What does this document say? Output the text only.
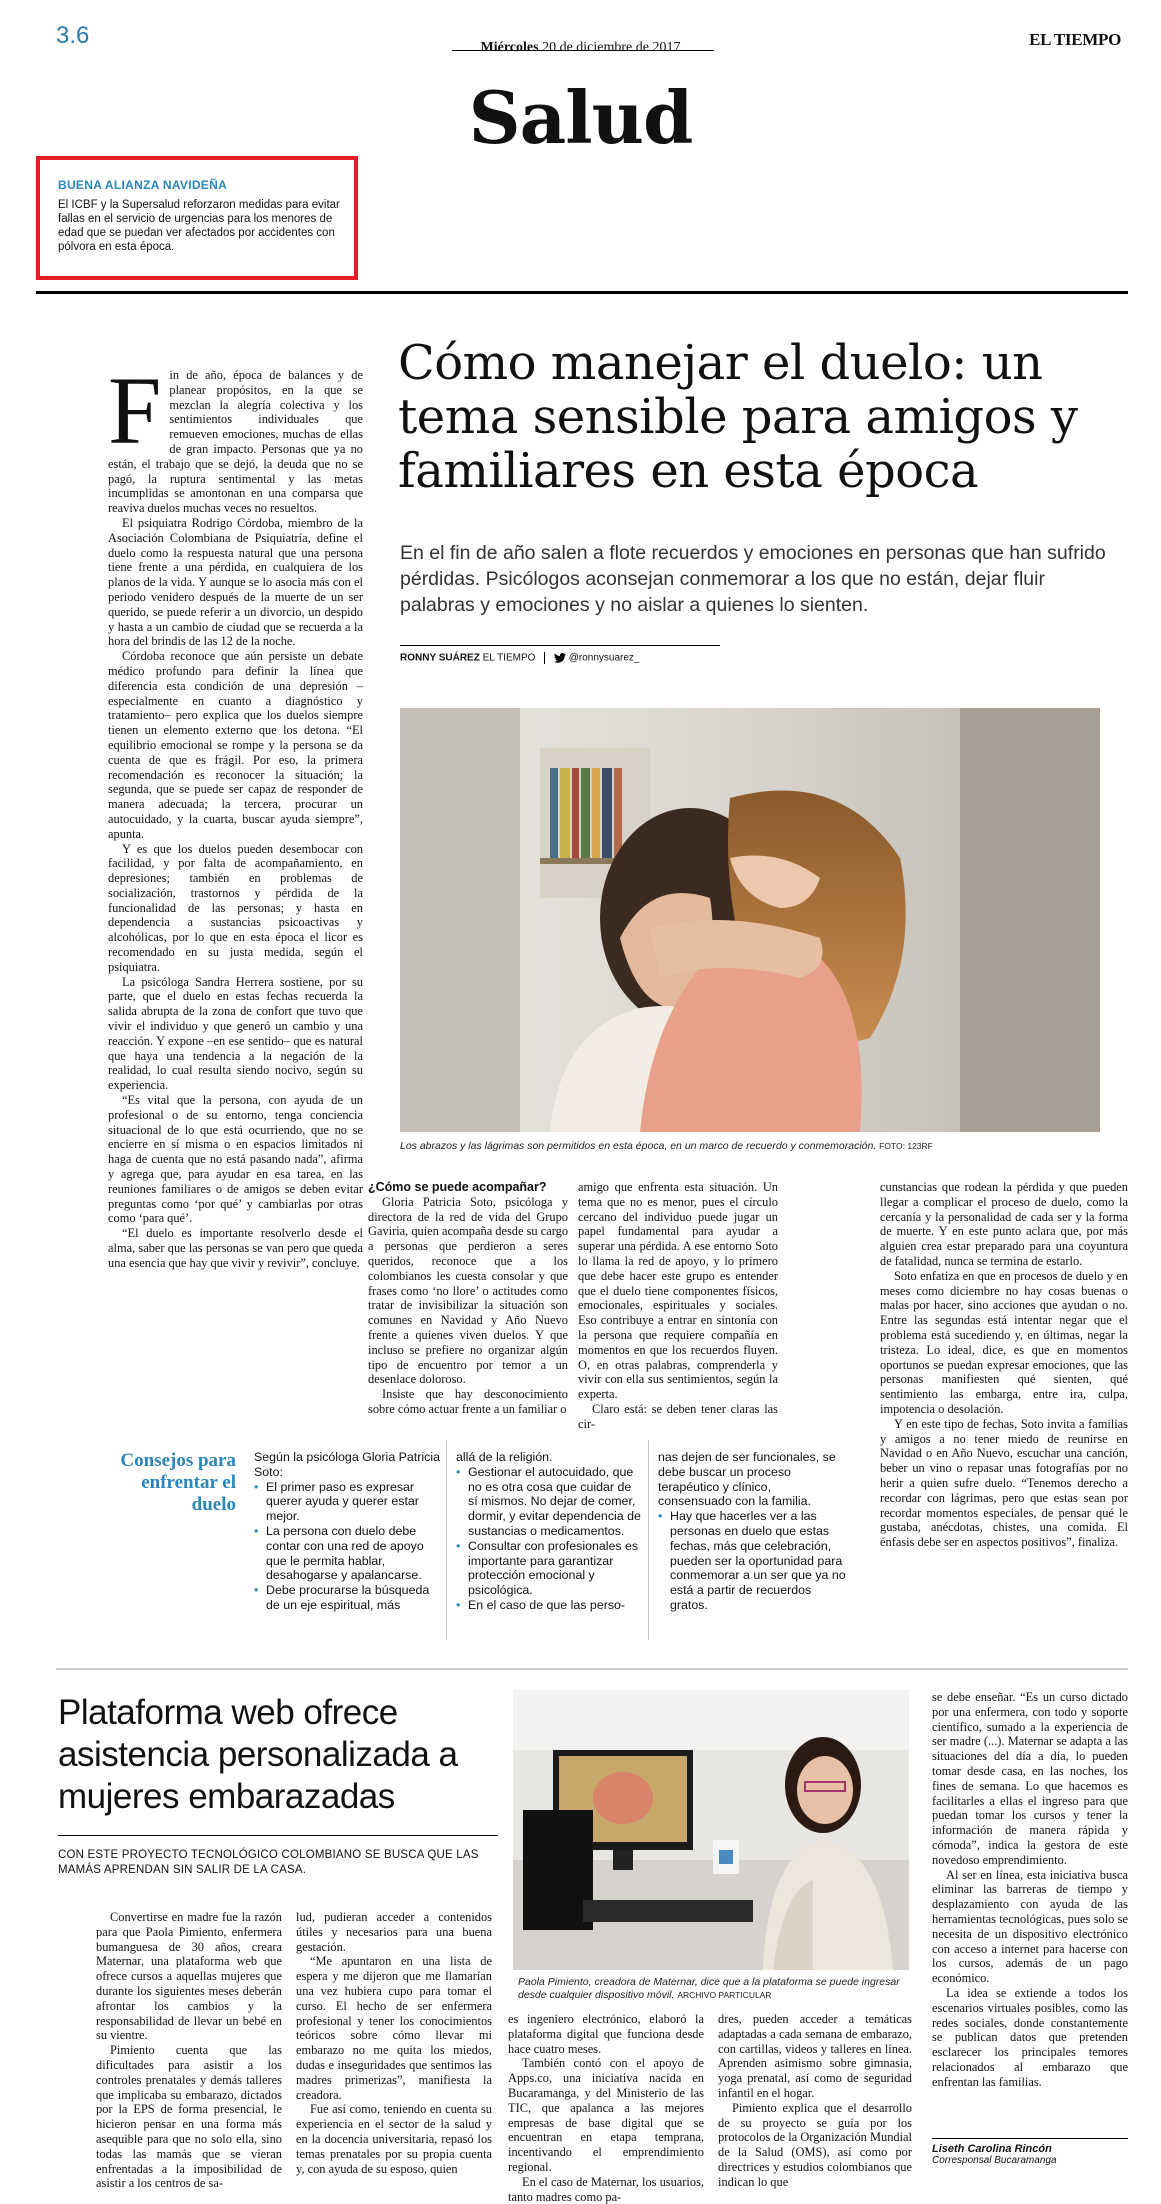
3.6	Miércoles 20 de diciembre de 2017	EL TIEMPO
Salud
BUENA ALIANZA NAVIDEÑA
El ICBF y la Supersalud reforzaron medidas para evitar fallas en el servicio de urgencias para los menores de edad que se puedan ver afectados por accidentes con pólvora en esta época.
Cómo manejar el duelo: un tema sensible para amigos y familiares en esta época
En el fin de año salen a flote recuerdos y emociones en personas que han sufrido pérdidas. Psicólogos aconsejan conmemorar a los que no están, dejar fluir palabras y emociones y no aislar a quienes lo sienten.
RONNY SUÁREZ EL TIEMPO	@ronnysuarez_
Los abrazos y las lágrimas son permitidos en esta época, en un marco de recuerdo y conmemoración. FOTO: 123RF

Fin de año, época de balances y de planear propósitos, en la que se mezclan la alegría colectiva y los sentimientos individuales que remueven emociones, muchas de ellas de gran impacto. Personas que ya no están, el trabajo que se dejó, la deuda que no se pagó, la ruptura sentimental y las metas incumplidas se amontonan en una comparsa que reaviva duelos muchas veces no resueltos.

El psiquiatra Rodrigo Córdoba, miembro de la Asociación Colombiana de Psiquiatría, define el duelo como la respuesta natural que una persona tiene frente a una pérdida, en cualquiera de los planos de la vida. Y aunque se lo asocia más con el periodo venidero después de la muerte de un ser querido, se puede referir a un divorcio, un despido y hasta a un cambio de ciudad que se recuerda a la hora del brindis de las 12 de la noche.

Córdoba reconoce que aún persiste un debate médico profundo para definir la línea que diferencia esta condición de una depresión –especialmente en cuanto a diagnóstico y tratamiento– pero explica que los duelos siempre tienen un elemento externo que los detona. “El equilibrio emocional se rompe y la persona se da cuenta de que es frágil. Por eso, la primera recomendación es reconocer la situación; la segunda, que se puede ser capaz de responder de manera adecuada; la tercera, procurar un autocuidado, y la cuarta, buscar ayuda siempre”, apunta.

Y es que los duelos pueden desembocar con facilidad, y por falta de acompañamiento, en depresiones; también en problemas de socialización, trastornos y pérdida de la funcionalidad de las personas; y hasta en dependencia a sustancias psicoactivas y alcohólicas, por lo que en esta época el licor es recomendado en su justa medida, según el psiquiatra.

La psicóloga Sandra Herrera sostiene, por su parte, que el duelo en estas fechas recuerda la salida abrupta de la zona de confort que tuvo que vivir el individuo y que generó un cambio y una reacción. Y expone –en ese sentido– que es natural que haya una tendencia a la negación de la realidad, lo cual resulta siendo nocivo, según su experiencia.

“Es vital que la persona, con ayuda de un profesional o de su entorno, tenga conciencia situacional de lo que está ocurriendo, que no se encierre en sí misma o en espacios limitados ni haga de cuenta que no está pasando nada”, afirma y agrega que, para ayudar en esa tarea, en las reuniones familiares o de amigos se deben evitar preguntas como ‘por qué’ y cambiarlas por otras como ‘para qué’.

“El duelo es importante resolverlo desde el alma, saber que las personas se van pero que queda una esencia que hay que vivir y revivir”, concluye.

¿Cómo se puede acompañar?

Gloria Patricia Soto, psicóloga y directora de la red de vida del Grupo Gaviria, quien acompaña desde su cargo a personas que perdieron a seres queridos, reconoce que a los colombianos les cuesta consolar y que frases como ‘no llore’ o actitudes como tratar de invisibilizar la situación son comunes en Navidad y Año Nuevo frente a quienes viven duelos. Y que incluso se prefiere no organizar algún tipo de encuentro por temor a un desenlace doloroso.

Insiste que hay desconocimiento sobre cómo actuar frente a un familiar o

amigo que enfrenta esta situación. Un tema que no es menor, pues el círculo cercano del individuo puede jugar un papel fundamental para ayudar a superar una pérdida. A ese entorno Soto lo llama la red de apoyo, y lo primero que debe hacer este grupo es entender que el duelo tiene componentes físicos, emocionales, espirituales y sociales. Eso contribuye a entrar en sintonía con la persona que requiere compañía en momentos en que los recuerdos fluyen. O, en otras palabras, comprenderla y vivir con ella sus sentimientos, según la experta.

Claro está: se deben tener claras las cir-

cunstancias que rodean la pérdida y que pueden llegar a complicar el proceso de duelo, como la cercanía y la personalidad de cada ser y la forma de muerte. Y en este punto aclara que, por más alguien crea estar preparado para una coyuntura de fatalidad, nunca se termina de estarlo.

Soto enfatiza en que en procesos de duelo y en meses como diciembre no hay cosas buenas o malas por hacer, sino acciones que ayudan o no. Entre las segundas está intentar negar que el problema está sucediendo y, en últimas, negar la tristeza. Lo ideal, dice, es que en momentos oportunos se puedan expresar emociones, que las personas manifiesten qué sienten, qué sentimiento las embarga, entre ira, culpa, impotencia o desolación.

Y en este tipo de fechas, Soto invita a familias y amigos a no tener miedo de reunirse en Navidad o en Año Nuevo, escuchar una canción, beber un vino o repasar unas fotografías por no herir a quien sufre duelo. “Tenemos derecho a recordar con lágrimas, pero que estas sean por recordar momentos especiales, de pensar qué le gustaba, anécdotas, chistes, una comida. El énfasis debe ser en aspectos positivos”, finaliza.

Consejos para enfrentar el duelo

Según la psicóloga Gloria Patricia Soto:

• El primer paso es expresar querer ayuda y querer estar mejor.
• La persona con duelo debe contar con una red de apoyo que le permita hablar, desahogarse y apalancarse.
• Debe procurarse la búsqueda de un eje espiritual, más

allá de la religión.

• Gestionar el autocuidado, que no es otra cosa que cuidar de sí mismos. No dejar de comer, dormir, y evitar dependencia de sustancias o medicamentos.
• Consultar con profesionales es importante para garantizar protección emocional y psicológica.
• En el caso de que las perso-

nas dejen de ser funcionales, se debe buscar un proceso terapéutico y clínico, consensuado con la familia.

• Hay que hacerles ver a las personas en duelo que estas fechas, más que celebración, pueden ser la oportunidad para conmemorar a un ser que ya no está a partir de recuerdos gratos.
Plataforma web ofrece asistencia personalizada a mujeres embarazadas
CON ESTE PROYECTO TECNOLÓGICO COLOMBIANO SE BUSCA QUE LAS MAMÁS APRENDAN SIN SALIR DE LA CASA.
Paola Pimiento, creadora de Maternar, dice que a la plataforma se puede ingresar desde cualquier dispositivo móvil. ARCHIVO PARTICULAR

Convertirse en madre fue la razón para que Paola Pimiento, enfermera bumanguesa de 30 años, creara Maternar, una plataforma web que ofrece cursos a aquellas mujeres que durante los siguientes meses deberán afrontar los cambios y la responsabilidad de llevar un bebé en su vientre.

Pimiento cuenta que las dificultades para asistir a los controles prenatales y demás talleres que implicaba su embarazo, dictados por la EPS de forma presencial, le hicieron pensar en una forma más asequible para que no solo ella, sino todas las mamás que se vieran enfrentadas a la imposibilidad de asistir a los centros de sa-

lud, pudieran acceder a contenidos útiles y necesarios para una buena gestación.

“Me apuntaron en una lista de espera y me dijeron que me llamarían una vez hubiera cupo para tomar el curso. El hecho de ser enfermera profesional y tener los conocimientos teóricos sobre cómo llevar mi embarazo no me quita los miedos, dudas e inseguridades que sentimos las madres primerizas”, manifiesta la creadora.

Fue así como, teniendo en cuenta su experiencia en el sector de la salud y en la docencia universitaria, repasó los temas prenatales por su propia cuenta y, con ayuda de su esposo, quien

es ingeniero electrónico, elaboró la plataforma digital que funciona desde hace cuatro meses.

También contó con el apoyo de Apps.co, una iniciativa nacida en Bucaramanga, y del Ministerio de las TIC, que apalanca a las mejores empresas de base digital que se encuentran en etapa temprana, incentivando el emprendimiento regional.

En el caso de Maternar, los usuarios, tanto madres como pa-

dres, pueden acceder a temáticas adaptadas a cada semana de embarazo, con cartillas, videos y talleres en línea. Aprenden asimismo sobre gimnasia, yoga prenatal, así como de seguridad infantil en el hogar.

Pimiento explica que el desarrollo de su proyecto se guía por los protocolos de la Organización Mundial de la Salud (OMS), así como por directrices y estudios colombianos que indican lo que

se debe enseñar. “Es un curso dictado por una enfermera, con todo y soporte científico, sumado a la experiencia de ser madre (...). Maternar se adapta a las situaciones del día a día, lo pueden tomar desde casa, en las noches, los fines de semana. Lo que hacemos es facilitarles a ellas el ingreso para que puedan tomar los cursos y tener la información de manera rápida y cómoda”, indica la gestora de este novedoso emprendimiento.

Al ser en línea, esta iniciativa busca eliminar las barreras de tiempo y desplazamiento con ayuda de las herramientas tecnológicas, pues solo se necesita de un dispositivo electrónico con acceso a internet para hacerse con los cursos, además de un pago económico.

La idea se extiende a todos los escenarios virtuales posibles, como las redes sociales, donde constantemente se publican datos que pretenden esclarecer los principales temores relacionados al embarazo que enfrentan las familias.

Liseth Carolina Rincón
Corresponsal Bucaramanga
